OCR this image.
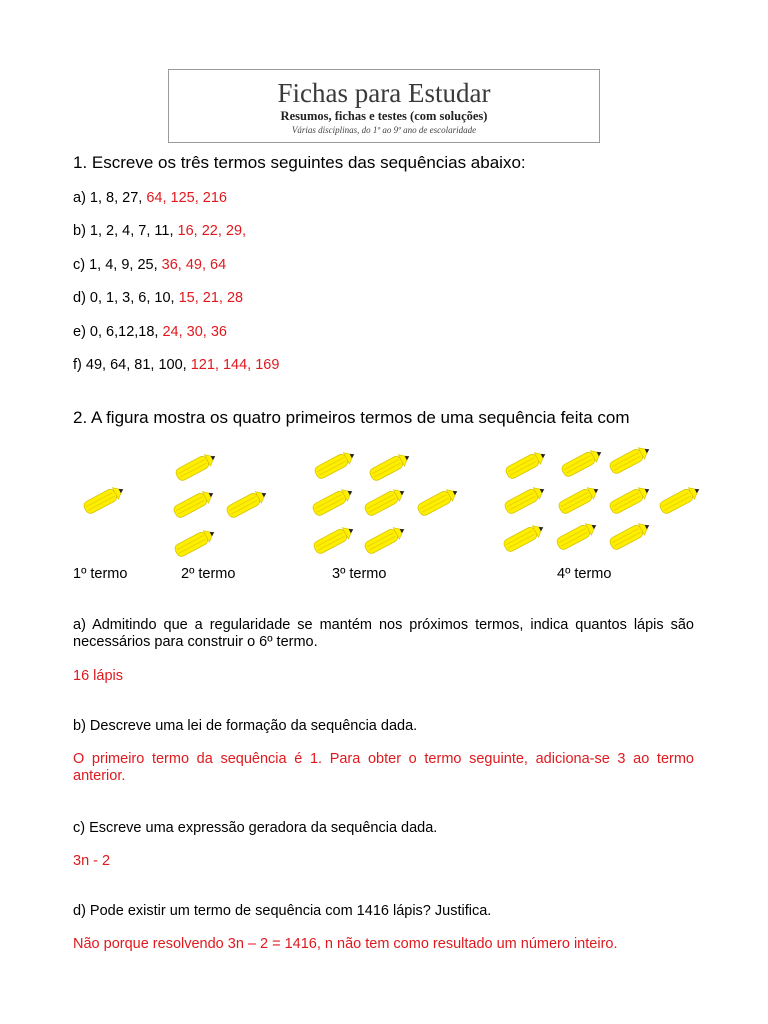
Fichas para Estudar
Resumos, fichas e testes (com soluções)
Várias disciplinas, do 1º ao 9º ano de escolaridade
1. Escreve os três termos seguintes das sequências abaixo:
a) 1, 8, 27, 64, 125, 216
b) 1, 2, 4, 7, 11, 16, 22, 29,
c) 1, 4, 9, 25, 36, 49, 64
d) 0, 1, 3, 6, 10, 15, 21, 28
e) 0, 6,12,18, 24, 30, 36
f) 49, 64, 81, 100, 121, 144, 169
2. A figura mostra os quatro primeiros termos de uma sequência feita com
1º termo	2º termo	3º termo	4º termo
a) Admitindo que a regularidade se mantém nos próximos termos, indica quantos lápis são necessários para construir o 6º termo.
16 lápis
b) Descreve uma lei de formação da sequência dada.
O primeiro termo da sequência é 1. Para obter o termo seguinte, adiciona-se 3 ao termo anterior.
c) Escreve uma expressão geradora da sequência dada.
3n - 2
d) Pode existir um termo de sequência com 1416 lápis? Justifica.
Não porque resolvendo 3n – 2 = 1416, n não tem como resultado um número inteiro.
